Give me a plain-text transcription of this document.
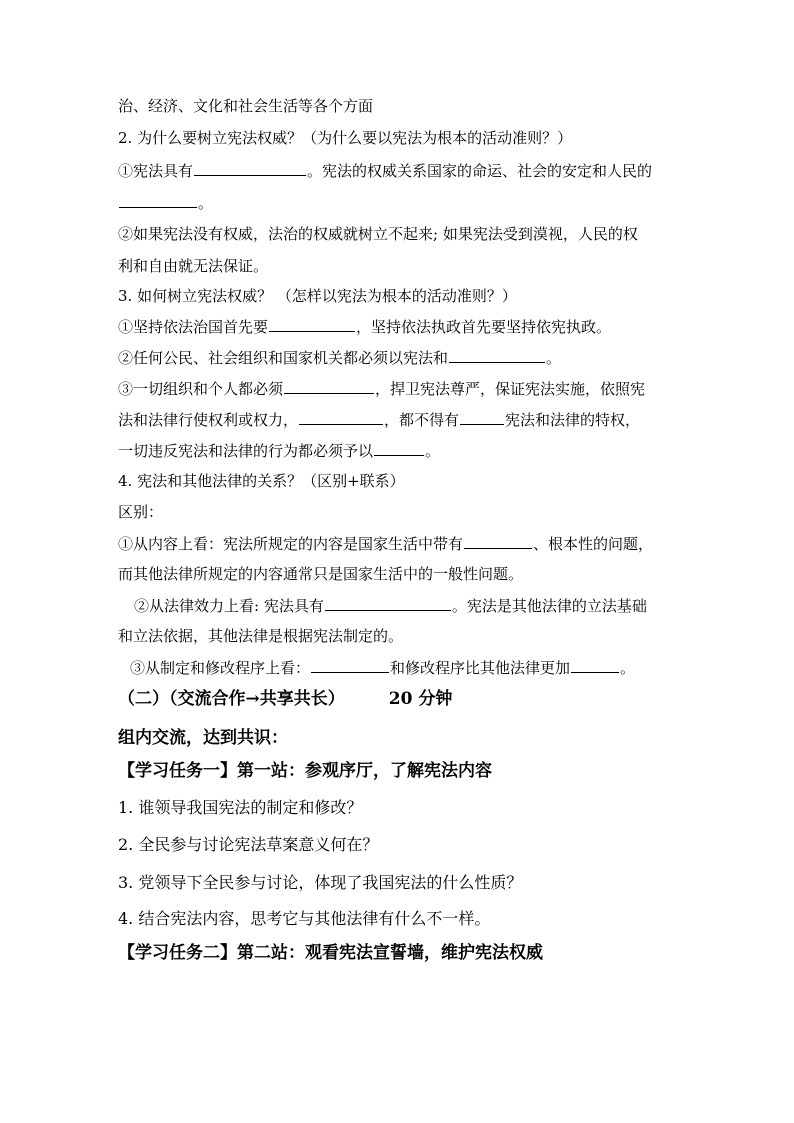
治、经济、文化和社会生活等各个方面
2. 为什么要树立宪法权威？（为什么要以宪法为根本的活动准则？）
①宪法具有	。宪法的权威关系国家的命运、社会的安定和人民的
。
②如果宪法没有权威，法治的权威就树立不起来; 如果宪法受到漠视，人民的权
利和自由就无法保证。
3. 如何树立宪法权威？ （怎样以宪法为根本的活动准则？）
①坚持依法治国首先要	，坚持依法执政首先要坚持依宪执政。
②任何公民、社会组织和国家机关都必须以宪法和	。
③一切组织和个人都必须	，捍卫宪法尊严，保证宪法实施，依照宪
法和法律行使权利或权力，	，都不得有	宪法和法律的特权，
一切违反宪法和法律的行为都必须予以	。
4. 宪法和其他法律的关系？（区别+联系）
区别：
①从内容上看：宪法所规定的内容是国家生活中带有	、根本性的问题，
而其他法律所规定的内容通常只是国家生活中的一般性问题。
②从法律效力上看: 宪法具有	。宪法是其他法律的立法基础
和立法依据，其他法律是根据宪法制定的。
③从制定和修改程序上看：	和修改程序比其他法律更加	。
（二）（交流合作→共享共长）	20 分钟
组内交流，达到共识：
【学习任务一】第一站：参观序厅，了解宪法内容
1. 谁领导我国宪法的制定和修改？
2. 全民参与讨论宪法草案意义何在？
3. 党领导下全民参与讨论，体现了我国宪法的什么性质？
4. 结合宪法内容，思考它与其他法律有什么不一样。
【学习任务二】第二站：观看宪法宣誓墙，维护宪法权威
